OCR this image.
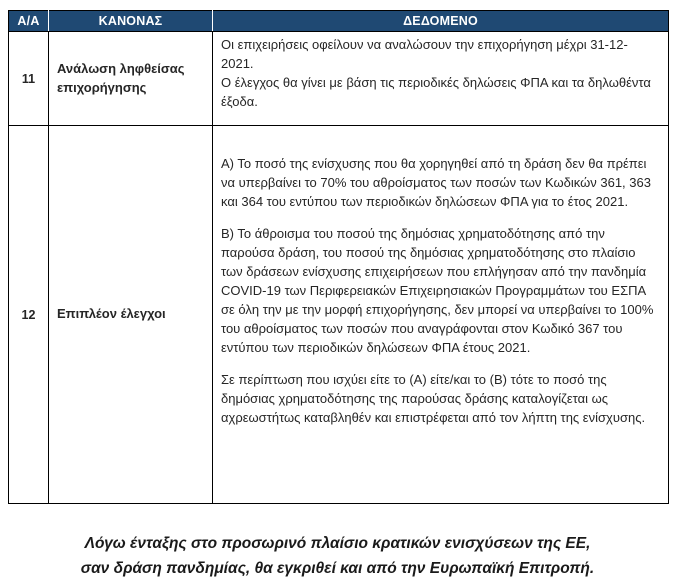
Α/Α	ΚΑΝΟΝΑΣ	ΔΕΔΟΜΕΝΟ
11	Ανάλωση ληφθείσας επιχορήγησης	Οι επιχειρήσεις οφείλουν να αναλώσουν την επιχορήγηση μέχρι 31-12-2021.

Ο έλεγχος θα γίνει με βάση τις περιοδικές δηλώσεις ΦΠΑ και τα δηλωθέντα έξοδα.

12	Επιπλέον έλεγχοι	Α) Το ποσό της ενίσχυσης που θα χορηγηθεί από τη δράση δεν θα πρέπει να υπερβαίνει το 70% του αθροίσματος των ποσών των Κωδικών 361, 363 και 364 του εντύπου των περιοδικών δηλώσεων ΦΠΑ για το έτος 2021.

Β) Το άθροισμα του ποσού της δημόσιας χρηματοδότησης από την παρούσα δράση, του ποσού της δημόσιας χρηματοδότησης στο πλαίσιο των δράσεων ενίσχυσης επιχειρήσεων που επλήγησαν από την πανδημία COVID-19 των Περιφερειακών Επιχειρησιακών Προγραμμάτων του ΕΣΠΑ σε όλη την με την μορφή επιχορήγησης, δεν μπορεί να υπερβαίνει το 100% του αθροίσματος των ποσών που αναγράφονται στον Κωδικό 367 του εντύπου των περιοδικών δηλώσεων ΦΠΑ έτους 2021.

Σε περίπτωση που ισχύει είτε το (Α) είτε/και το (Β) τότε το ποσό της δημόσιας χρηματοδότησης της παρούσας δράσης καταλογίζεται ως αχρεωστήτως καταβληθέν και επιστρέφεται από τον λήπτη της ενίσχυσης.

Λόγω ένταξης στο προσωρινό πλαίσιο κρατικών ενισχύσεων της ΕΕ,
σαν δράση πανδημίας, θα εγκριθεί και από την Ευρωπαϊκή Επιτροπή.
